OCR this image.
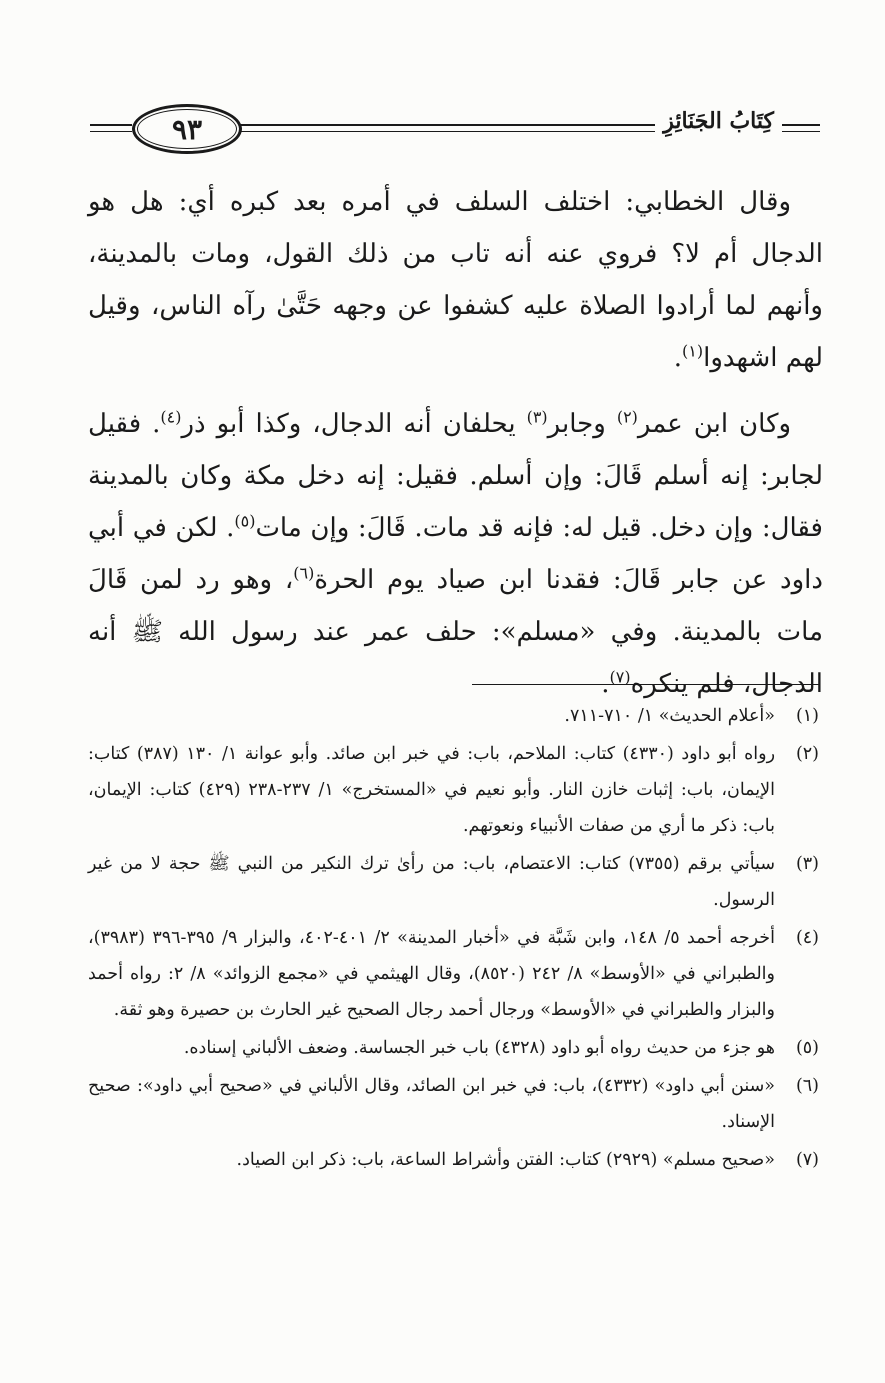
٩٣	كِتَابُ الجَنَائِزِ

وقال الخطابي: اختلف السلف في أمره بعد كبره أي: هل هو الدجال أم لا؟ فروي عنه أنه تاب من ذلك القول، ومات بالمدينة، وأنهم لما أرادوا الصلاة عليه كشفوا عن وجهه حَتَّىٰ رآه الناس، وقيل لهم اشهدوا$^{(١)}$.

وكان ابن عمر$^{(٢)}$ وجابر$^{(٣)}$ يحلفان أنه الدجال، وكذا أبو ذر$^{(٤)}$. فقيل لجابر: إنه أسلم قَالَ: وإن أسلم. فقيل: إنه دخل مكة وكان بالمدينة فقال: وإن دخل. قيل له: فإنه قد مات. قَالَ: وإن مات$^{(٥)}$. لكن في أبي داود عن جابر قَالَ: فقدنا ابن صياد يوم الحرة$^{(٦)}$، وهو رد لمن قَالَ مات بالمدينة. وفي «مسلم»: حلف عمر عند رسول الله ﷺ أنه الدجال، فلم ينكره$^{(٧)}$.

(١)
«أعلام الحديث» ١/ ٧١٠-٧١١.
(٢)
رواه أبو داود (٤٣٣٠) كتاب: الملاحم، باب: في خبر ابن صائد. وأبو عوانة ١/ ١٣٠ (٣٨٧) كتاب: الإيمان، باب: إثبات خازن النار. وأبو نعيم في «المستخرج» ١/ ٢٣٧-٢٣٨ (٤٢٩) كتاب: الإيمان، باب: ذكر ما أري من صفات الأنبياء ونعوتهم.
(٣)
سيأتي برقم (٧٣٥٥) كتاب: الاعتصام، باب: من رأىٰ ترك النكير من النبي ﷺ حجة لا من غير الرسول.
(٤)
أخرجه أحمد ٥/ ١٤٨، وابن شَبَّة في «أخبار المدينة» ٢/ ٤٠١-٤٠٢، والبزار ٩/ ٣٩٥-٣٩٦ (٣٩٨٣)، والطبراني في «الأوسط» ٨/ ٢٤٢ (٨٥٢٠)، وقال الهيثمي في «مجمع الزوائد» ٨/ ٢: رواه أحمد والبزار والطبراني في «الأوسط» ورجال أحمد رجال الصحيح غير الحارث بن حصيرة وهو ثقة.
(٥)
هو جزء من حديث رواه أبو داود (٤٣٢٨) باب خبر الجساسة. وضعف الألباني إسناده.
(٦)
«سنن أبي داود» (٤٣٣٢)، باب: في خبر ابن الصائد، وقال الألباني في «صحيح أبي داود»: صحيح الإسناد.
(٧)
«صحيح مسلم» (٢٩٢٩) كتاب: الفتن وأشراط الساعة، باب: ذكر ابن الصياد.
